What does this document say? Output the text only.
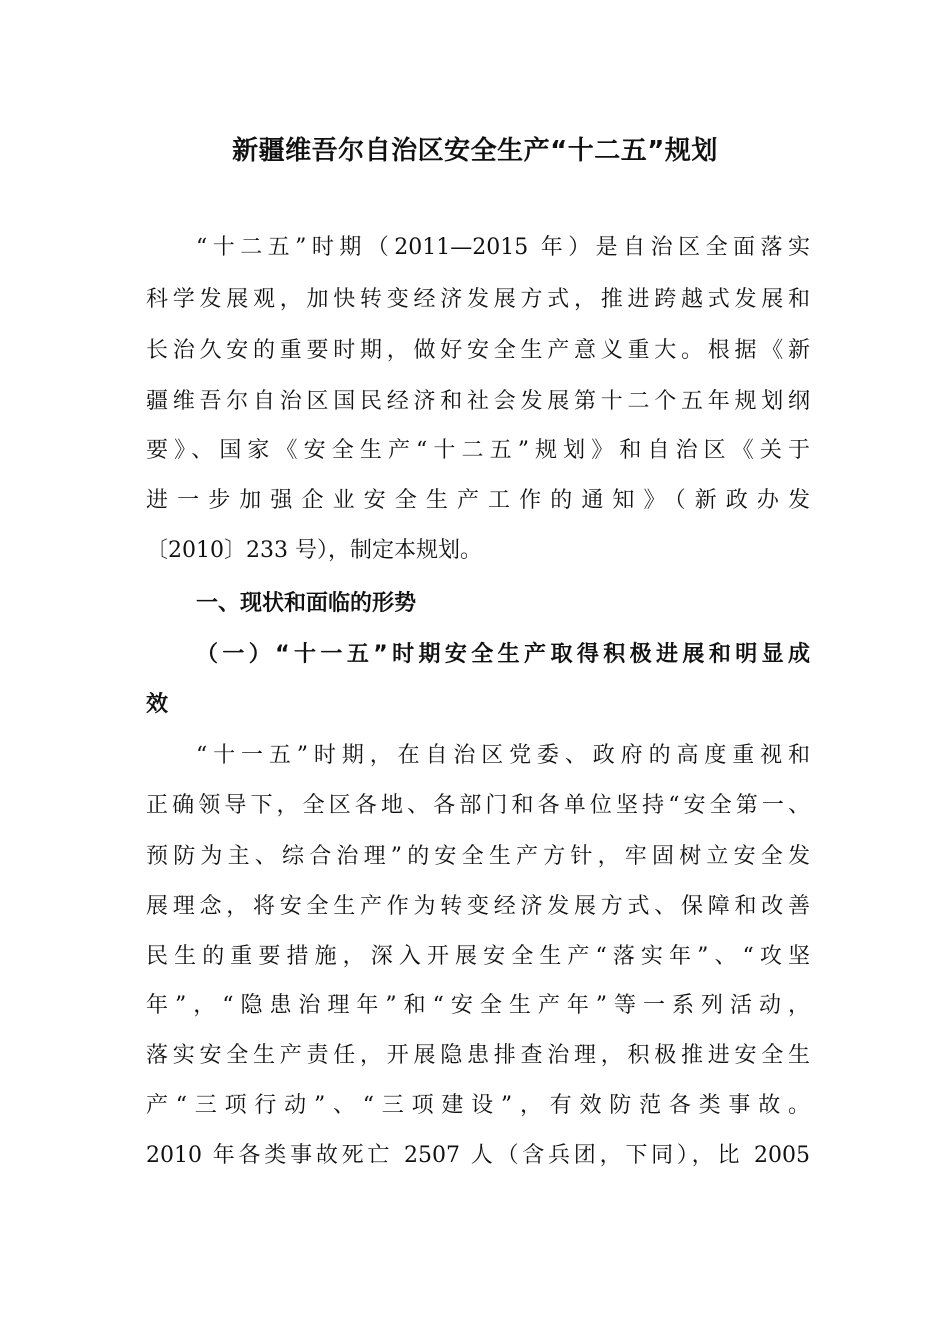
新疆维吾尔自治区安全生产“十二五”规划
“十二五”时期（2011—2015 年）是自治区全面落实
科学发展观，加快转变经济发展方式，推进跨越式发展和
长治久安的重要时期，做好安全生产意义重大。根据《新
疆维吾尔自治区国民经济和社会发展第十二个五年规划纲
要》、国家《安全生产“十二五”规划》和自治区《关于
进一步加强企业安全生产工作的通知》（新政办发
〔2010〕233 号），制定本规划。
一、现状和面临的形势
（一）“十一五”时期安全生产取得积极进展和明显成
效
“十一五”时期，在自治区党委、政府的高度重视和
正确领导下，全区各地、各部门和各单位坚持“安全第一、
预防为主、综合治理”的安全生产方针，牢固树立安全发
展理念，将安全生产作为转变经济发展方式、保障和改善
民生的重要措施，深入开展安全生产“落实年”、“攻坚
年”，“隐患治理年”和“安全生产年”等一系列活动，
落实安全生产责任，开展隐患排查治理，积极推进安全生
产“三项行动”、“三项建设”，有效防范各类事故。
2010 年各类事故死亡 2507 人（含兵团，下同），比 2005
